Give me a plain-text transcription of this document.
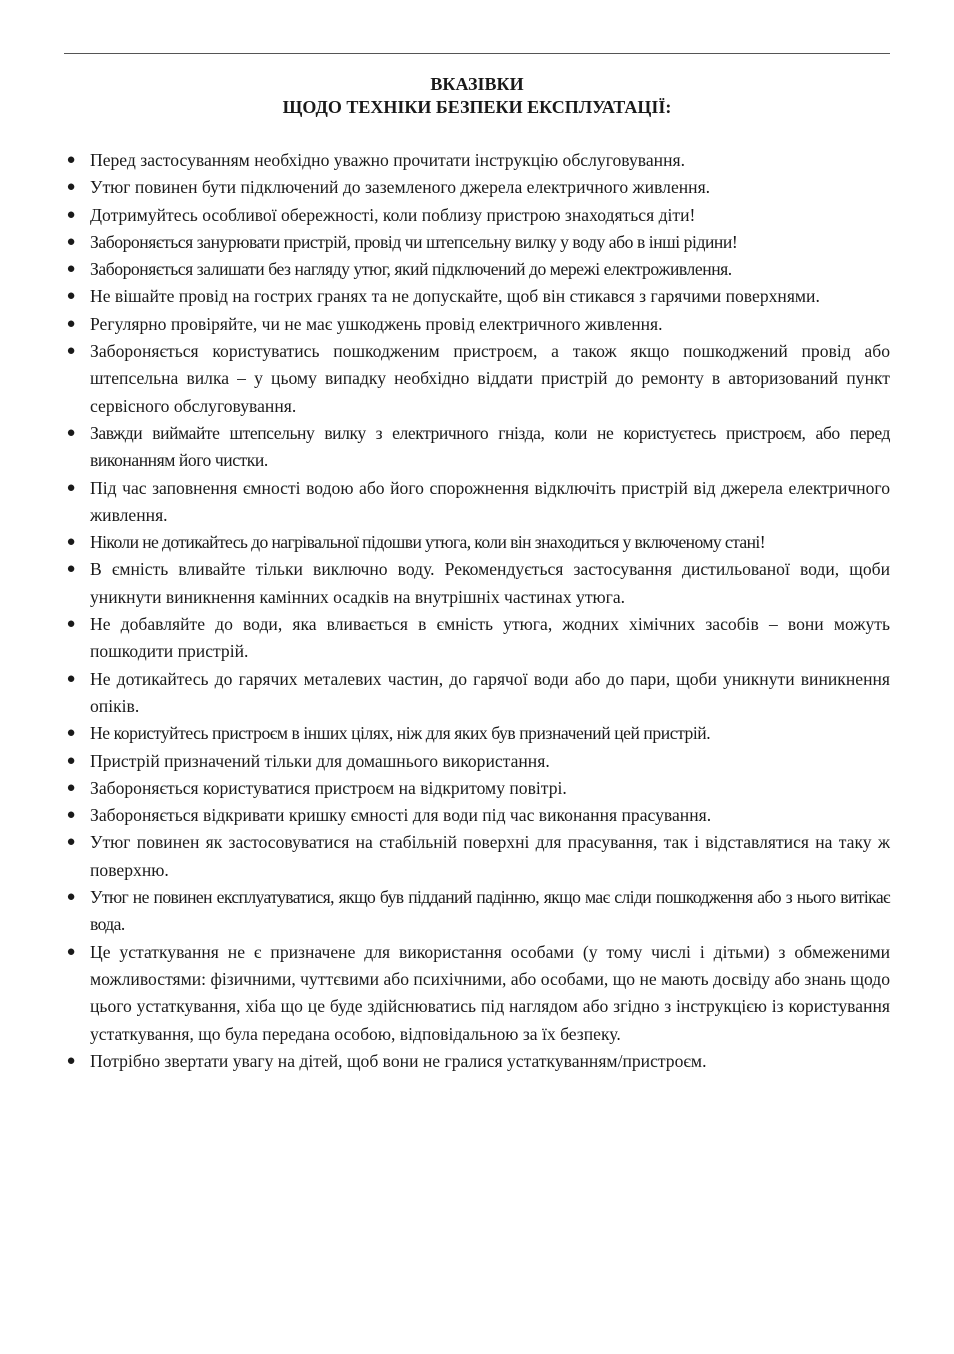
ВКАЗІВКИ
ЩОДО ТЕХНІКИ БЕЗПЕКИ ЕКСПЛУАТАЦІЇ:
● Перед застосуванням необхідно уважно прочитати інструкцію обслуговування.
● Утюг повинен бути підключений до заземленого джерела електричного живлення.
● Дотримуйтесь особливої обережності, коли поблизу пристрою знаходяться діти!
● Забороняється занурювати пристрій, провід чи штепсельну вилку у воду або в інші рідини!
● Забороняється залишати без нагляду утюг, який підключений до мережі електроживлення.
● Не вішайте провід на гострих гранях та не допускайте, щоб він стикався з гарячими поверхнями.
● Регулярно провіряйте, чи не має ушкоджень провід електричного живлення.
● Забороняється користуватись пошкодженим пристроєм, а також якщо пошкоджений провід або штепсельна вилка – у цьому випадку необхідно віддати пристрій до ремонту в авторизований пункт сервісного обслуговування.
● Завжди виймайте штепсельну вилку з електричного гнізда, коли не користуєтесь пристроєм, або перед виконанням його чистки.
● Під час заповнення ємності водою або його спорожнення відключіть пристрій від джерела електричного живлення.
● Ніколи не дотикайтесь до нагрівальної підошви утюга, коли він знаходиться у включеному стані!
● В ємність вливайте тільки виключно воду. Рекомендується застосування дистильованої води, щоби уникнути виникнення камінних осадків на внутрішніх частинах утюга.
● Не добавляйте до води, яка вливається в ємність утюга, жодних хімічних засобів – вони можуть пошкодити пристрій.
● Не дотикайтесь до гарячих металевих частин, до гарячої води або до пари, щоби уникнути виникнення опіків.
● Не користуйтесь пристроєм в інших цілях, ніж для яких був призначений цей пристрій.
● Пристрій призначений тільки для домашнього використання.
● Забороняється користуватися пристроєм на відкритому повітрі.
● Забороняється відкривати кришку ємності для води під час виконання прасування.
● Утюг повинен як застосовуватися на стабільній поверхні для прасування, так і відставлятися на таку ж поверхню.
● Утюг не повинен експлуатуватися, якщо був підданий падінню, якщо має сліди пошкодження або з нього витікає вода.
● Це устаткування не є призначене для використання особами (у тому числі і дітьми) з обмеженими можливостями: фізичними, чуттєвими або психічними, або особами, що не мають досвіду або знань щодо цього устаткування, хіба що це буде здійснюватись під наглядом або згідно з інструкцією із користування устаткування, що була передана особою, відповідальною за їх безпеку.
● Потрібно звертати увагу на дітей, щоб вони не гралися устаткуванням/пристроєм.
